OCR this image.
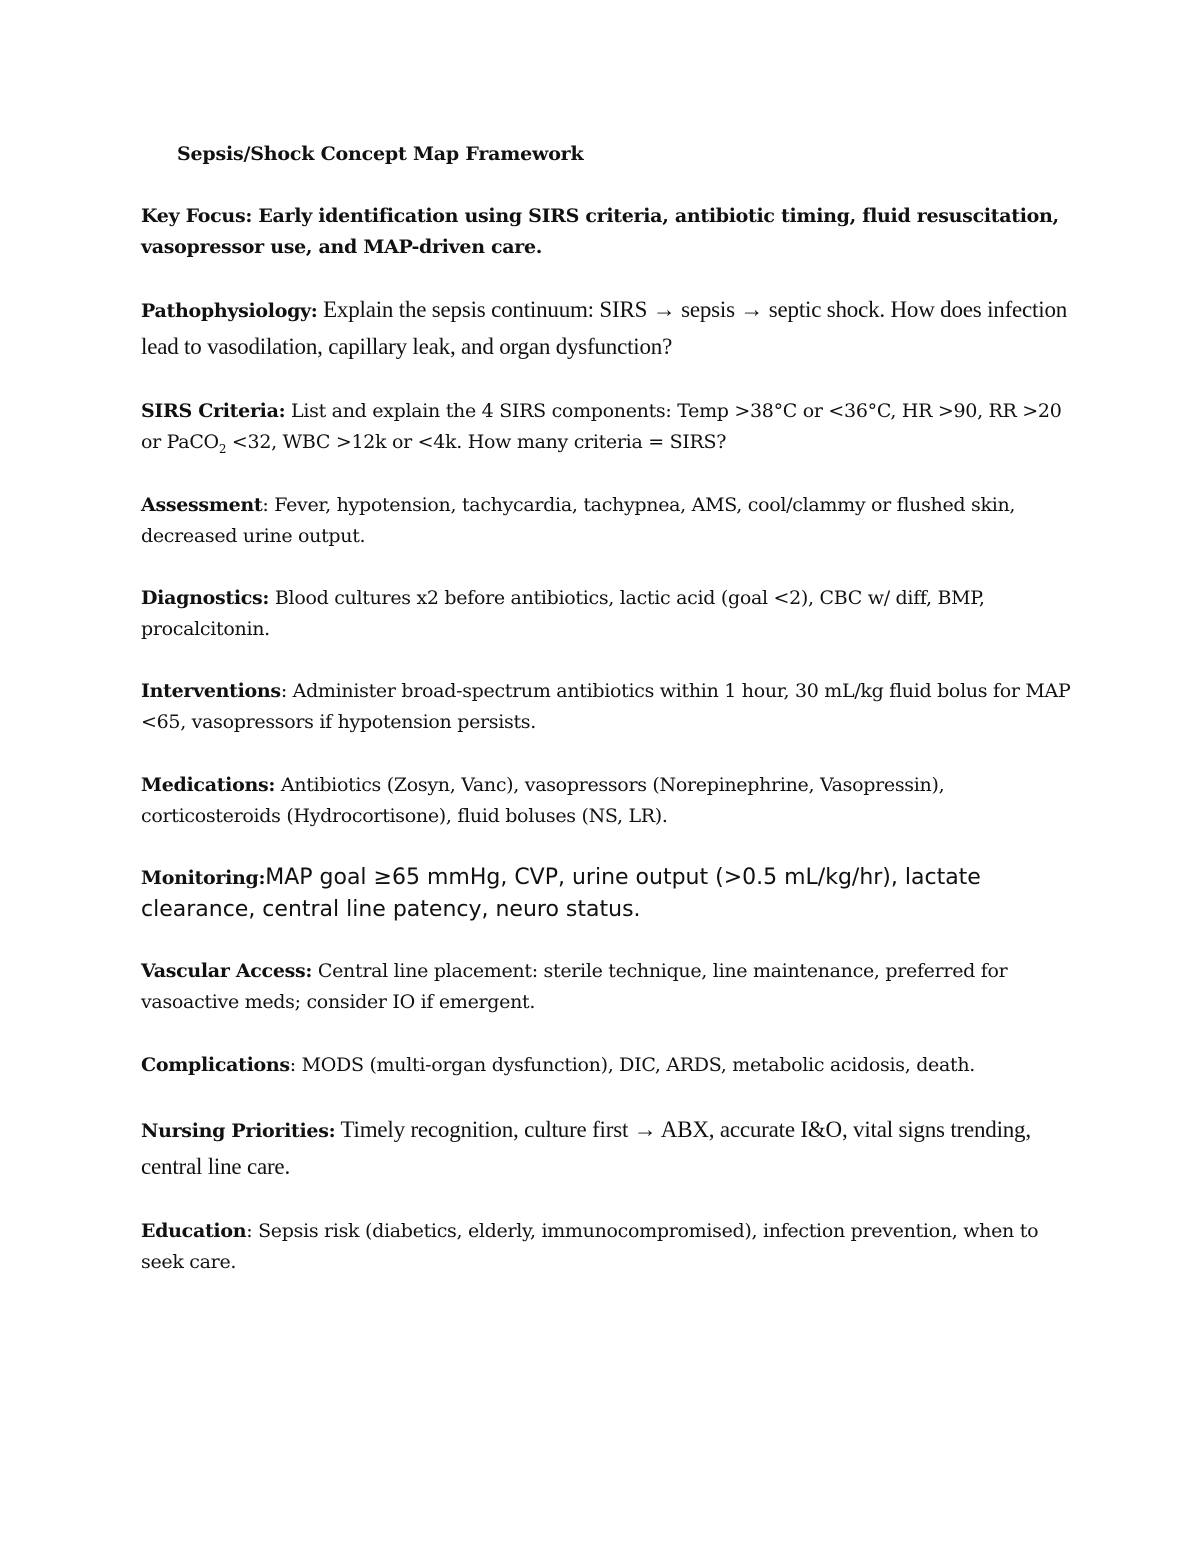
Sepsis/Shock Concept Map Framework
Key Focus: Early identification using SIRS criteria, antibiotic timing, fluid resuscitation, vasopressor use, and MAP-driven care.
Pathophysiology: Explain the sepsis continuum: SIRS → sepsis → septic shock. How does infection lead to vasodilation, capillary leak, and organ dysfunction?
SIRS Criteria: List and explain the 4 SIRS components: Temp >38°C or <36°C, HR >90, RR >20 or PaCO$_2$ <32, WBC >12k or <4k. How many criteria = SIRS?
Assessment: Fever, hypotension, tachycardia, tachypnea, AMS, cool/clammy or flushed skin, decreased urine output.
Diagnostics: Blood cultures x2 before antibiotics, lactic acid (goal <2), CBC w/ diff, BMP, procalcitonin.
Interventions: Administer broad-spectrum antibiotics within 1 hour, 30 mL/kg fluid bolus for MAP <65, vasopressors if hypotension persists.
Medications: Antibiotics (Zosyn, Vanc), vasopressors (Norepinephrine, Vasopressin), corticosteroids (Hydrocortisone), fluid boluses (NS, LR).
Monitoring:MAP goal ≥65 mmHg, CVP, urine output (>0.5 mL/kg/hr), lactate clearance, central line patency, neuro status.
Vascular Access: Central line placement: sterile technique, line maintenance, preferred for vasoactive meds; consider IO if emergent.
Complications: MODS (multi-organ dysfunction), DIC, ARDS, metabolic acidosis, death.
Nursing Priorities: Timely recognition, culture first → ABX, accurate I&O, vital signs trending, central line care.
Education: Sepsis risk (diabetics, elderly, immunocompromised), infection prevention, when to seek care.
